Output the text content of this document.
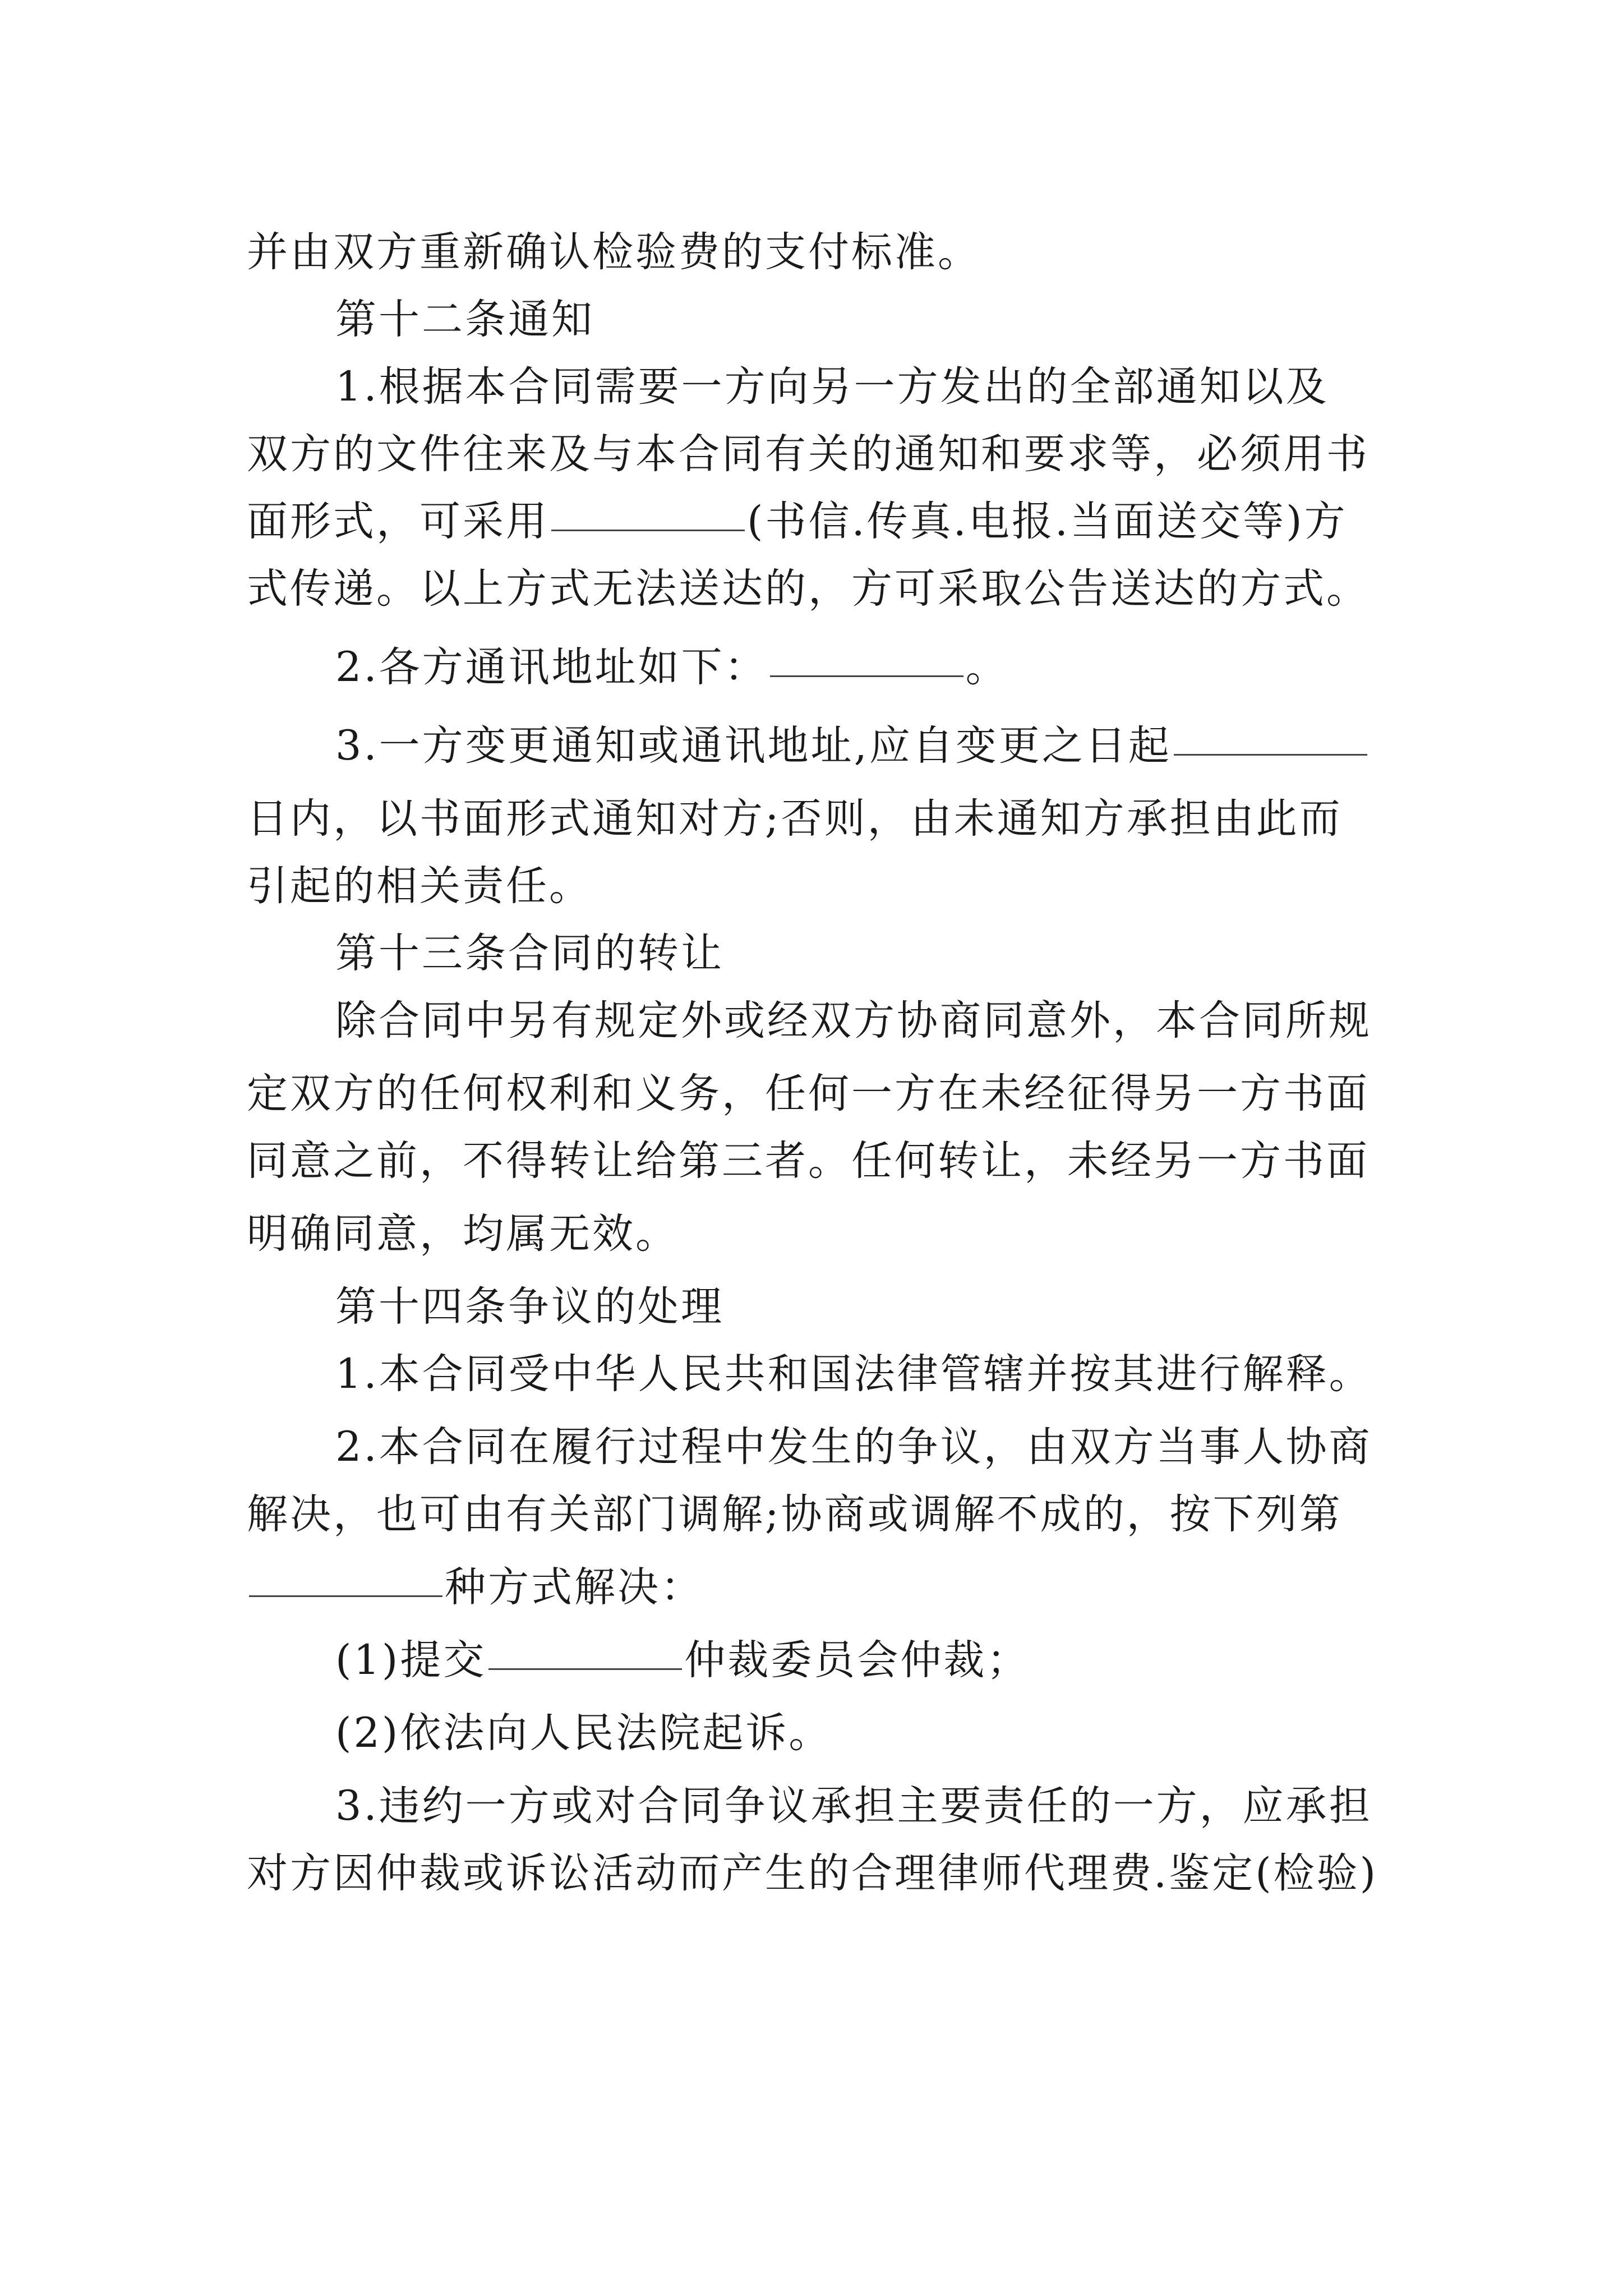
并由双方重新确认检验费的支付标准。
第十二条通知
1.根据本合同需要一方向另一方发出的全部通知以及
双方的文件往来及与本合同有关的通知和要求等，必须用书
面形式，可采用	(书信.传真.电报.当面送交等)方
式传递。以上方式无法送达的，方可采取公告送达的方式。
2.各方通讯地址如下：	。
3.一方变更通知或通讯地址,应自变更之日起
日内，以书面形式通知对方;否则，由未通知方承担由此而
引起的相关责任。
第十三条合同的转让
除合同中另有规定外或经双方协商同意外，本合同所规
定双方的任何权利和义务，任何一方在未经征得另一方书面
同意之前，不得转让给第三者。任何转让，未经另一方书面
明确同意，均属无效。
第十四条争议的处理
1.本合同受中华人民共和国法律管辖并按其进行解释。
2.本合同在履行过程中发生的争议，由双方当事人协商
解决，也可由有关部门调解;协商或调解不成的，按下列第
种方式解决：
(1)提交	仲裁委员会仲裁；
(2)依法向人民法院起诉。
3.违约一方或对合同争议承担主要责任的一方，应承担
对方因仲裁或诉讼活动而产生的合理律师代理费.鉴定(检验)
